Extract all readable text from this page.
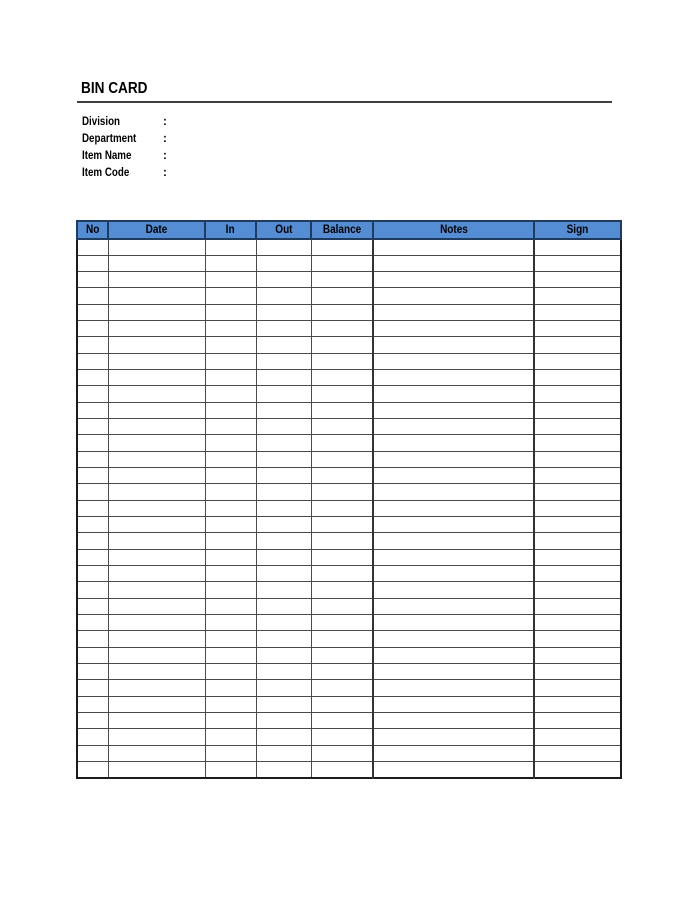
BIN CARD
Division	:
Department	:
Item Name	:
Item Code	:
No	Date	In	Out	Balance	Notes	Sign
